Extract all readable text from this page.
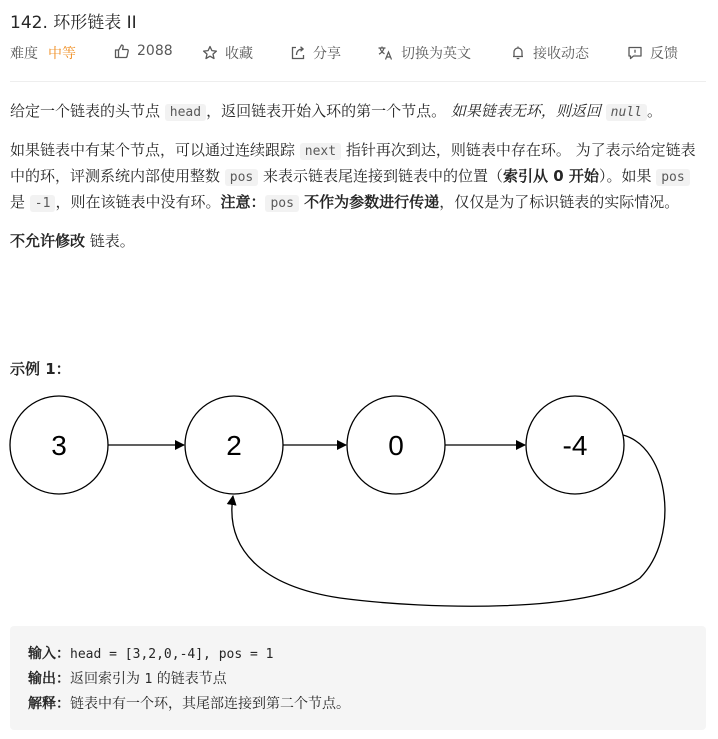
142. 环形链表 II
难度 中等	2088	收藏	分享	切换为英文	接收动态	反馈

给定一个链表的头节点 head ，返回链表开始入环的第一个节点。 如果链表无环，则返回 null 。

如果链表中有某个节点，可以通过连续跟踪 next 指针再次到达，则链表中存在环。 为了表示给定链表中的环，评测系统内部使用整数 pos 来表示链表尾连接到链表中的位置（索引从 0 开始）。如果 pos 是 -1 ，则在该链表中没有环。注意： pos 不作为参数进行传递，仅仅是为了标识链表的实际情况。

不允许修改 链表。

示例 1：
3	2	0	-4
输入：head = [3,2,0,-4], pos = 1
输出：返回索引为 1 的链表节点
解释：链表中有一个环，其尾部连接到第二个节点。
